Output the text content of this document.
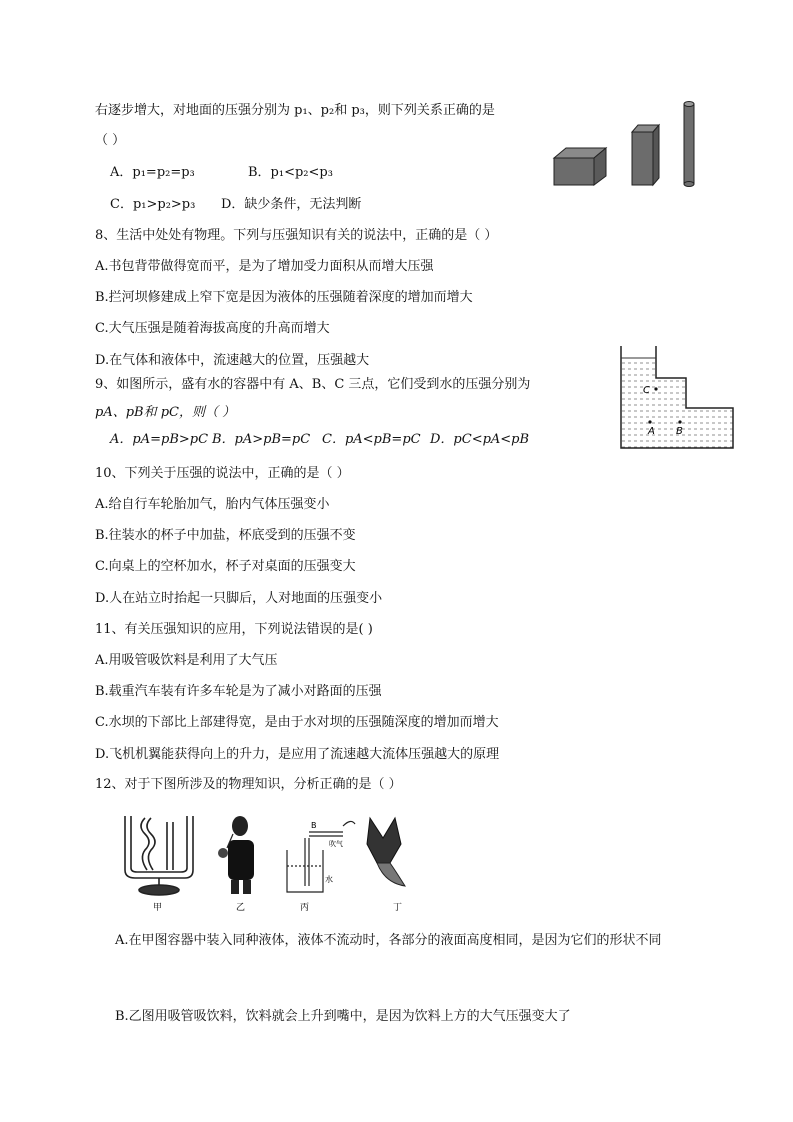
右逐步增大，对地面的压强分别为 p₁、p₂和 p₃，则下列关系正确的是
（ ）
A．p₁=p₂=p₃	B．p₁<p₂<p₃
C．p₁>p₂>p₃ D．缺少条件，无法判断
8、生活中处处有物理。下列与压强知识有关的说法中，正确的是（ ）
A.书包背带做得宽而平，是为了增加受力面积从而增大压强
B.拦河坝修建成上窄下宽是因为液体的压强随着深度的增加而增大
C.大气压强是随着海拔高度的升高而增大
D.在气体和液体中，流速越大的位置，压强越大
9、如图所示，盛有水的容器中有 A、B、C 三点，它们受到水的压强分别为
pA、pB和 pC，则（ ）
A．pA=pB>pC B．pA>pB=pC C．pA<pB=pC D．pC<pA<pB
C
A B
10、下列关于压强的说法中，正确的是（ ）
A.给自行车轮胎加气，胎内气体压强变小
B.往装水的杯子中加盐，杯底受到的压强不变
C.向桌上的空杯加水，杯子对桌面的压强变大
D.人在站立时抬起一只脚后，人对地面的压强变小
11、有关压强知识的应用，下列说法错误的是( )
A.用吸管吸饮料是利用了大气压
B.载重汽车装有许多车轮是为了减小对路面的压强
C.水坝的下部比上部建得宽，是由于水对坝的压强随深度的增加而增大
D.飞机机翼能获得向上的升力，是应用了流速越大流体压强越大的原理
12、对于下图所涉及的物理知识，分析正确的是（ ）
甲	乙
B
吹气
水
丙	丁
A.在甲图容器中装入同种液体，液体不流动时，各部分的液面高度相同，是因为它们的形状不同
B.乙图用吸管吸饮料，饮料就会上升到嘴中，是因为饮料上方的大气压强变大了
